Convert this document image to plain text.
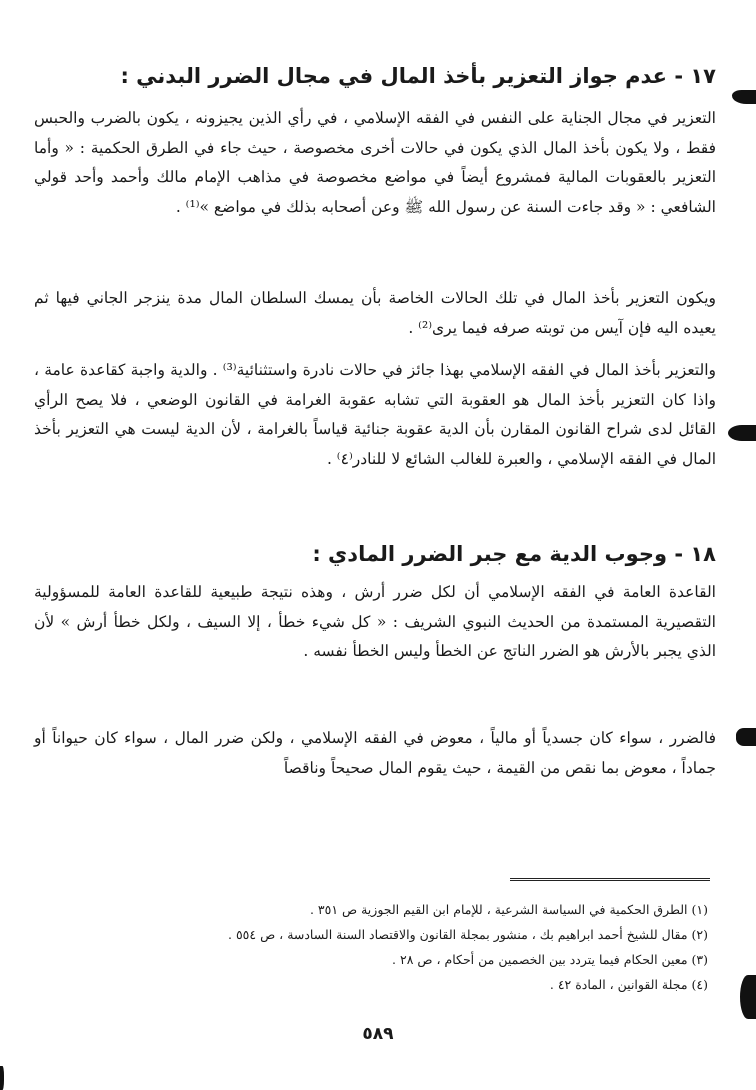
١٧ - عدم جواز التعزير بأخذ المال في مجال الضرر البدني :
التعزير في مجال الجناية على النفس في الفقه الإسلامي ، في رأي الذين يجيزونه ، يكون بالضرب والحبس فقط ، ولا يكون بأخذ المال الذي يكون في حالات أخرى مخصوصة ، حيث جاء في الطرق الحكمية : « وأما التعزير بالعقوبات المالية فمشروع أيضاً في مواضع مخصوصة في مذاهب الإمام مالك وأحمد وأحد قولي الشافعي : « وقد جاءت السنة عن رسول الله ﷺ وعن أصحابه بذلك في مواضع »⁽¹⁾ .
ويكون التعزير بأخذ المال في تلك الحالات الخاصة بأن يمسك السلطان المال مدة ينزجر الجاني فيها ثم يعيده اليه فإن آيس من توبته صرفه فيما يرى⁽²⁾ .
والتعزير بأخذ المال في الفقه الإسلامي بهذا جائز في حالات نادرة واستثنائية⁽³⁾ . والدية واجبة كقاعدة عامة ، واذا كان التعزير بأخذ المال هو العقوبة التي تشابه عقوبة الغرامة في القانون الوضعي ، فلا يصح الرأي القائل لدى شراح القانون المقارن بأن الدية عقوبة جنائية قياساً بالغرامة ، لأن الدية ليست هي التعزير بأخذ المال في الفقه الإسلامي ، والعبرة للغالب الشائع لا للنادر⁽٤⁾ .
١٨ - وجوب الدية مع جبر الضرر المادي :
القاعدة العامة في الفقه الإسلامي أن لكل ضرر أرش ، وهذه نتيجة طبيعية للقاعدة العامة للمسؤولية التقصيرية المستمدة من الحديث النبوي الشريف : « كل شيء خطأ ، إلا السيف ، ولكل خطأ أرش » لأن الذي يجبر بالأرش هو الضرر الناتج عن الخطأ وليس الخطأ نفسه .
فالضرر ، سواء كان جسدياً أو مالياً ، معوض في الفقه الإسلامي ، ولكن ضرر المال ، سواء كان حيواناً أو جماداً ، معوض بما نقص من القيمة ، حيث يقوم المال صحيحاً وناقصاً
(١) الطرق الحكمية في السياسة الشرعية ، للإمام ابن القيم الجوزية ص ٣٥١ .
(٢) مقال للشيخ أحمد ابراهيم بك ، منشور بمجلة القانون والاقتصاد السنة السادسة ، ص ٥٥٤ .
(٣) معين الحكام فيما يتردد بين الخصمين من أحكام ، ص ٢٨ .
(٤) مجلة القوانين ، المادة ٤٢ .
٥٨٩
